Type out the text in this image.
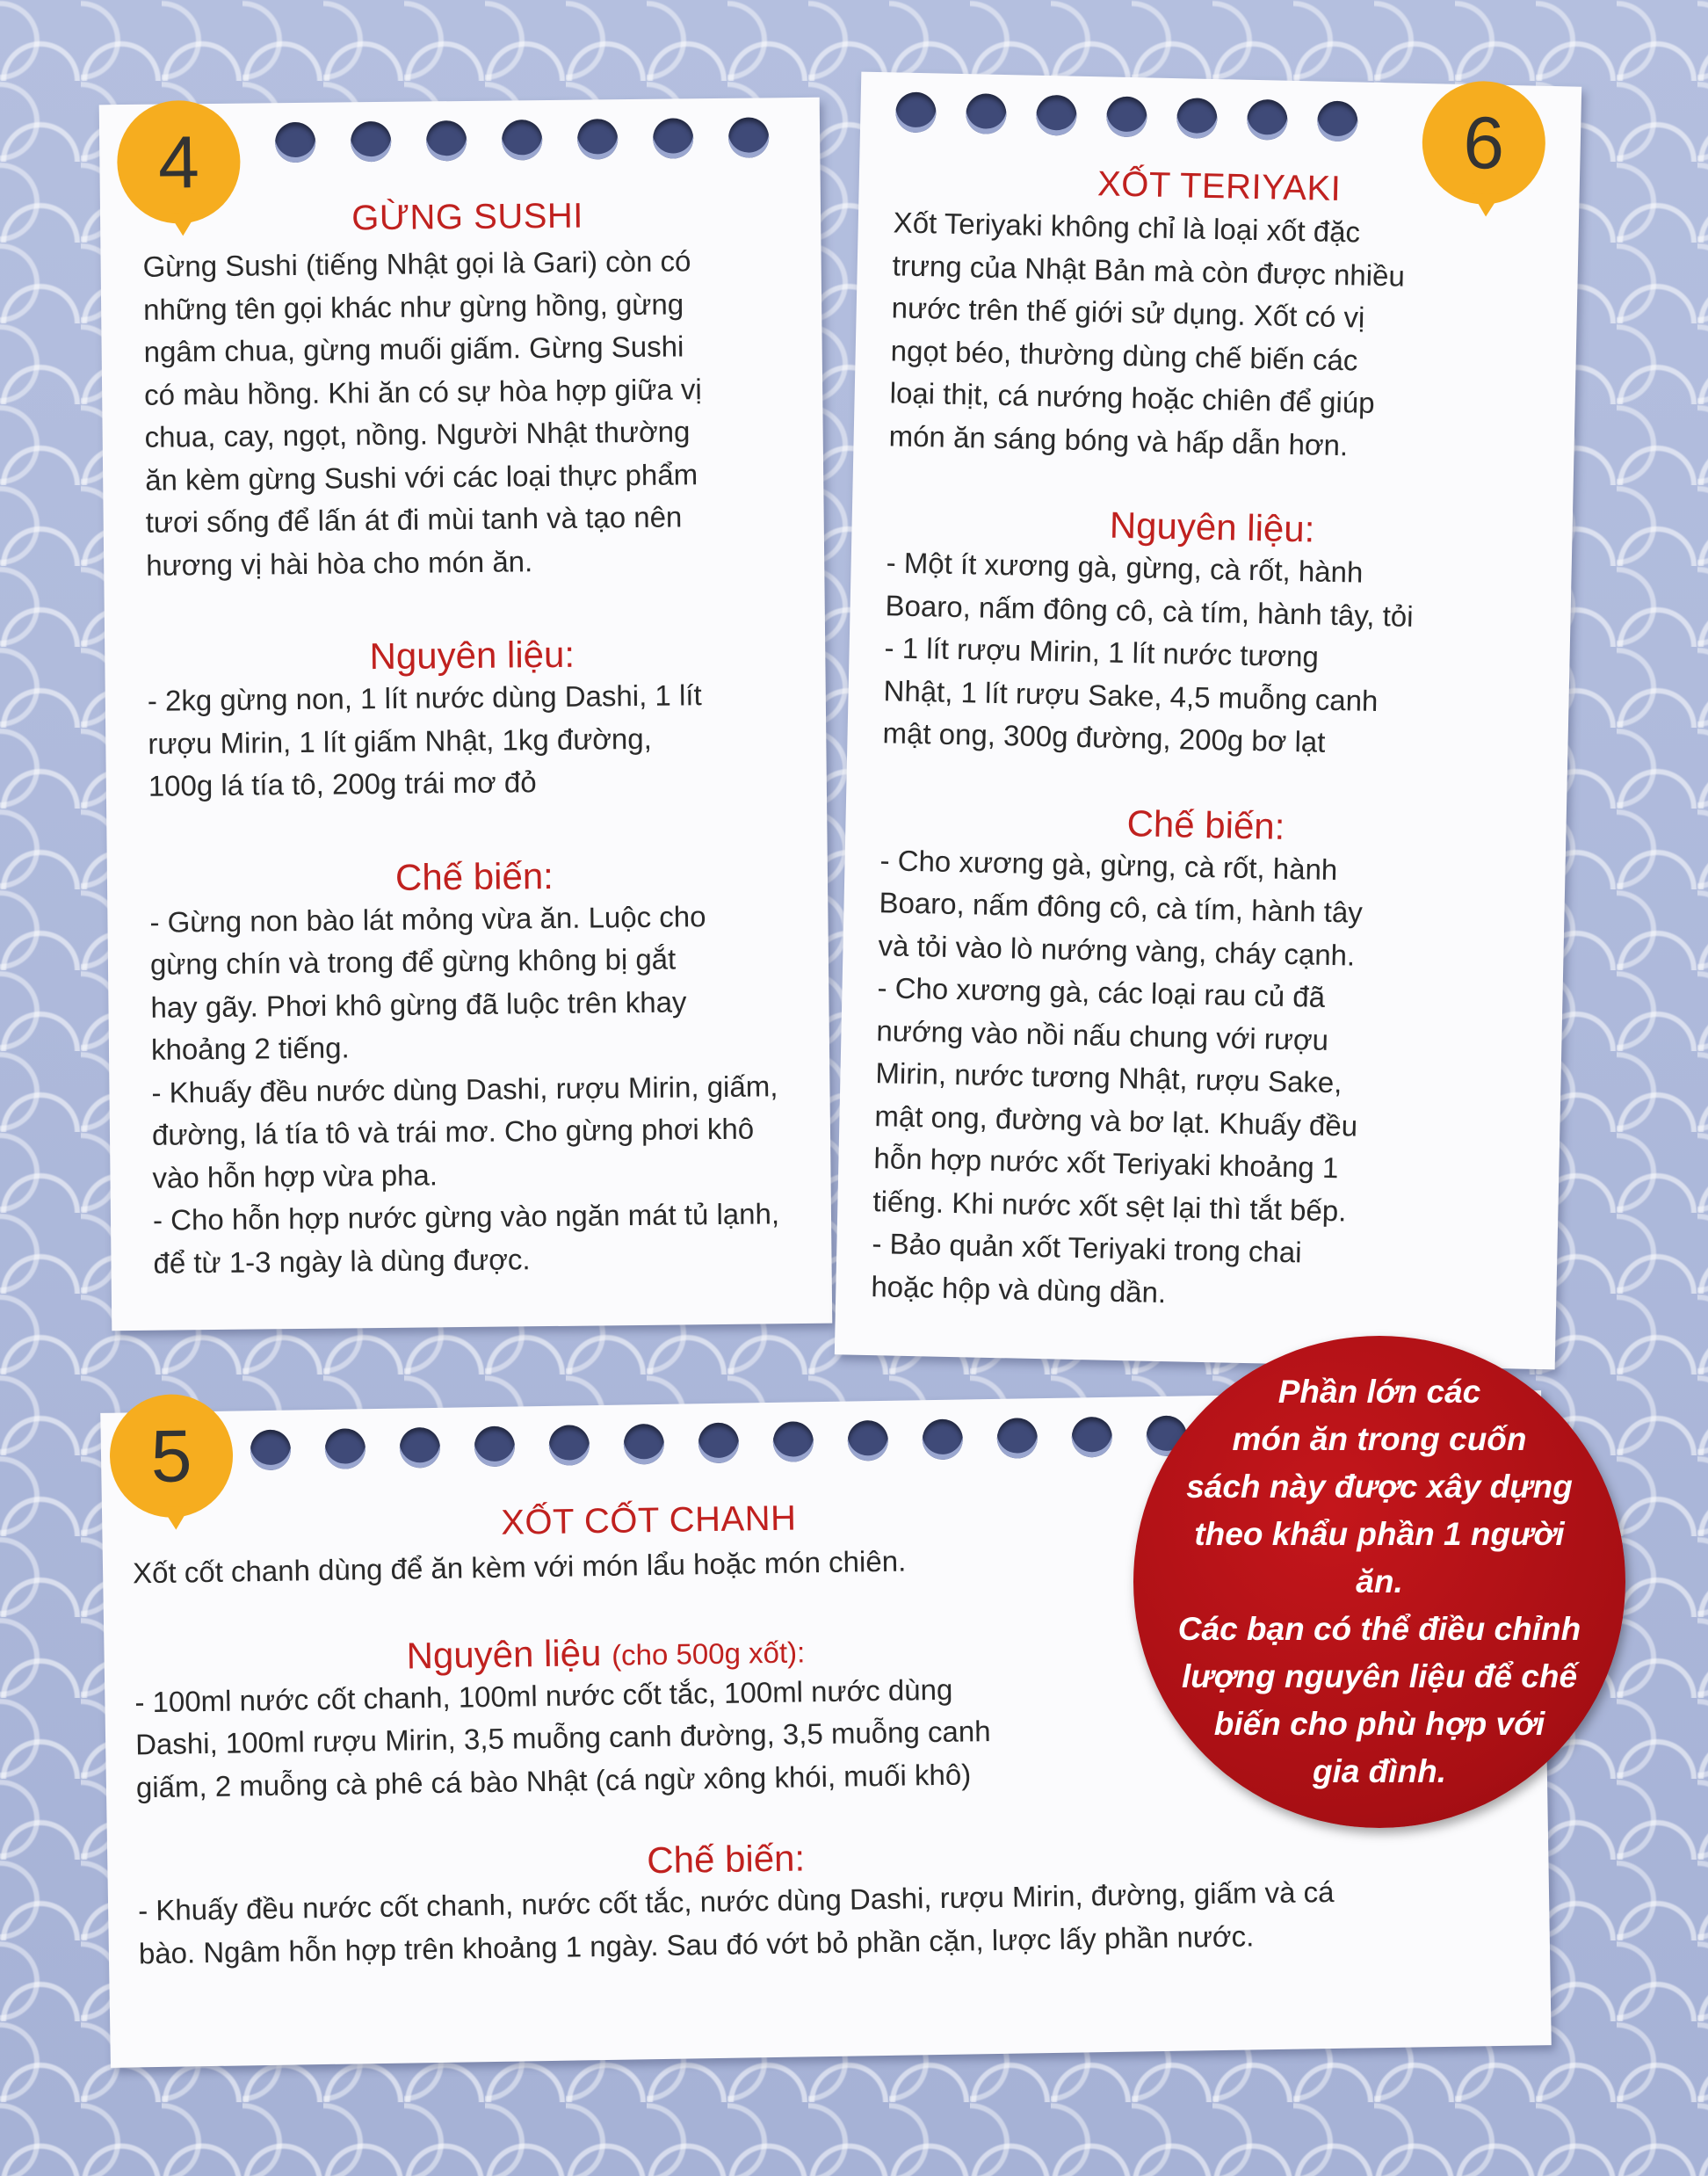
4

GỪNG SUSHI

Gừng Sushi (tiếng Nhật gọi là Gari) còn có
những tên gọi khác như gừng hồng, gừng
ngâm chua, gừng muối giấm. Gừng Sushi
có màu hồng. Khi ăn có sự hòa hợp giữa vị
chua, cay, ngọt, nồng. Người Nhật thường
ăn kèm gừng Sushi với các loại thực phẩm
tươi sống để lấn át đi mùi tanh và tạo nên
hương vị hài hòa cho món ăn.

Nguyên liệu:

- 2kg gừng non, 1 lít nước dùng Dashi, 1 lít
rượu Mirin, 1 lít giấm Nhật, 1kg đường,
100g lá tía tô, 200g trái mơ đỏ

Chế biến:

- Gừng non bào lát mỏng vừa ăn. Luộc cho
gừng chín và trong để gừng không bị gắt
hay gãy. Phơi khô gừng đã luộc trên khay
khoảng 2 tiếng.
- Khuấy đều nước dùng Dashi, rượu Mirin, giấm,
đường, lá tía tô và trái mơ. Cho gừng phơi khô
vào hỗn hợp vừa pha.
- Cho hỗn hợp nước gừng vào ngăn mát tủ lạnh,
để từ 1-3 ngày là dùng được.

6

XỐT TERIYAKI

Xốt Teriyaki không chỉ là loại xốt đặc
trưng của Nhật Bản mà còn được nhiều
nước trên thế giới sử dụng. Xốt có vị
ngọt béo, thường dùng chế biến các
loại thịt, cá nướng hoặc chiên để giúp
món ăn sáng bóng và hấp dẫn hơn.

Nguyên liệu:

- Một ít xương gà, gừng, cà rốt, hành
Boaro, nấm đông cô, cà tím, hành tây, tỏi
- 1 lít rượu Mirin, 1 lít nước tương
Nhật, 1 lít rượu Sake, 4,5 muỗng canh
mật ong, 300g đường, 200g bơ lạt

Chế biến:

- Cho xương gà, gừng, cà rốt, hành
Boaro, nấm đông cô, cà tím, hành tây
và tỏi vào lò nướng vàng, cháy cạnh.
- Cho xương gà, các loại rau củ đã
nướng vào nồi nấu chung với rượu
Mirin, nước tương Nhật, rượu Sake,
mật ong, đường và bơ lạt. Khuấy đều
hỗn hợp nước xốt Teriyaki khoảng 1
tiếng. Khi nước xốt sệt lại thì tắt bếp.
- Bảo quản xốt Teriyaki trong chai
hoặc hộp và dùng dần.

5

XỐT CỐT CHANH

Xốt cốt chanh dùng để ăn kèm với món lẩu hoặc món chiên.

Nguyên liệu (cho 500g xốt):

- 100ml nước cốt chanh, 100ml nước cốt tắc, 100ml nước dùng
Dashi, 100ml rượu Mirin, 3,5 muỗng canh đường, 3,5 muỗng canh
giấm, 2 muỗng cà phê cá bào Nhật (cá ngừ xông khói, muối khô)

Chế biến:

- Khuấy đều nước cốt chanh, nước cốt tắc, nước dùng Dashi, rượu Mirin, đường, giấm và cá
bào. Ngâm hỗn hợp trên khoảng 1 ngày. Sau đó vớt bỏ phần cặn, lược lấy phần nước.

Phần lớn các
món ăn trong cuốn
sách này được xây dựng
theo khẩu phần 1 người ăn.
Các bạn có thể điều chỉnh
lượng nguyên liệu để chế
biến cho phù hợp với
gia đình.
